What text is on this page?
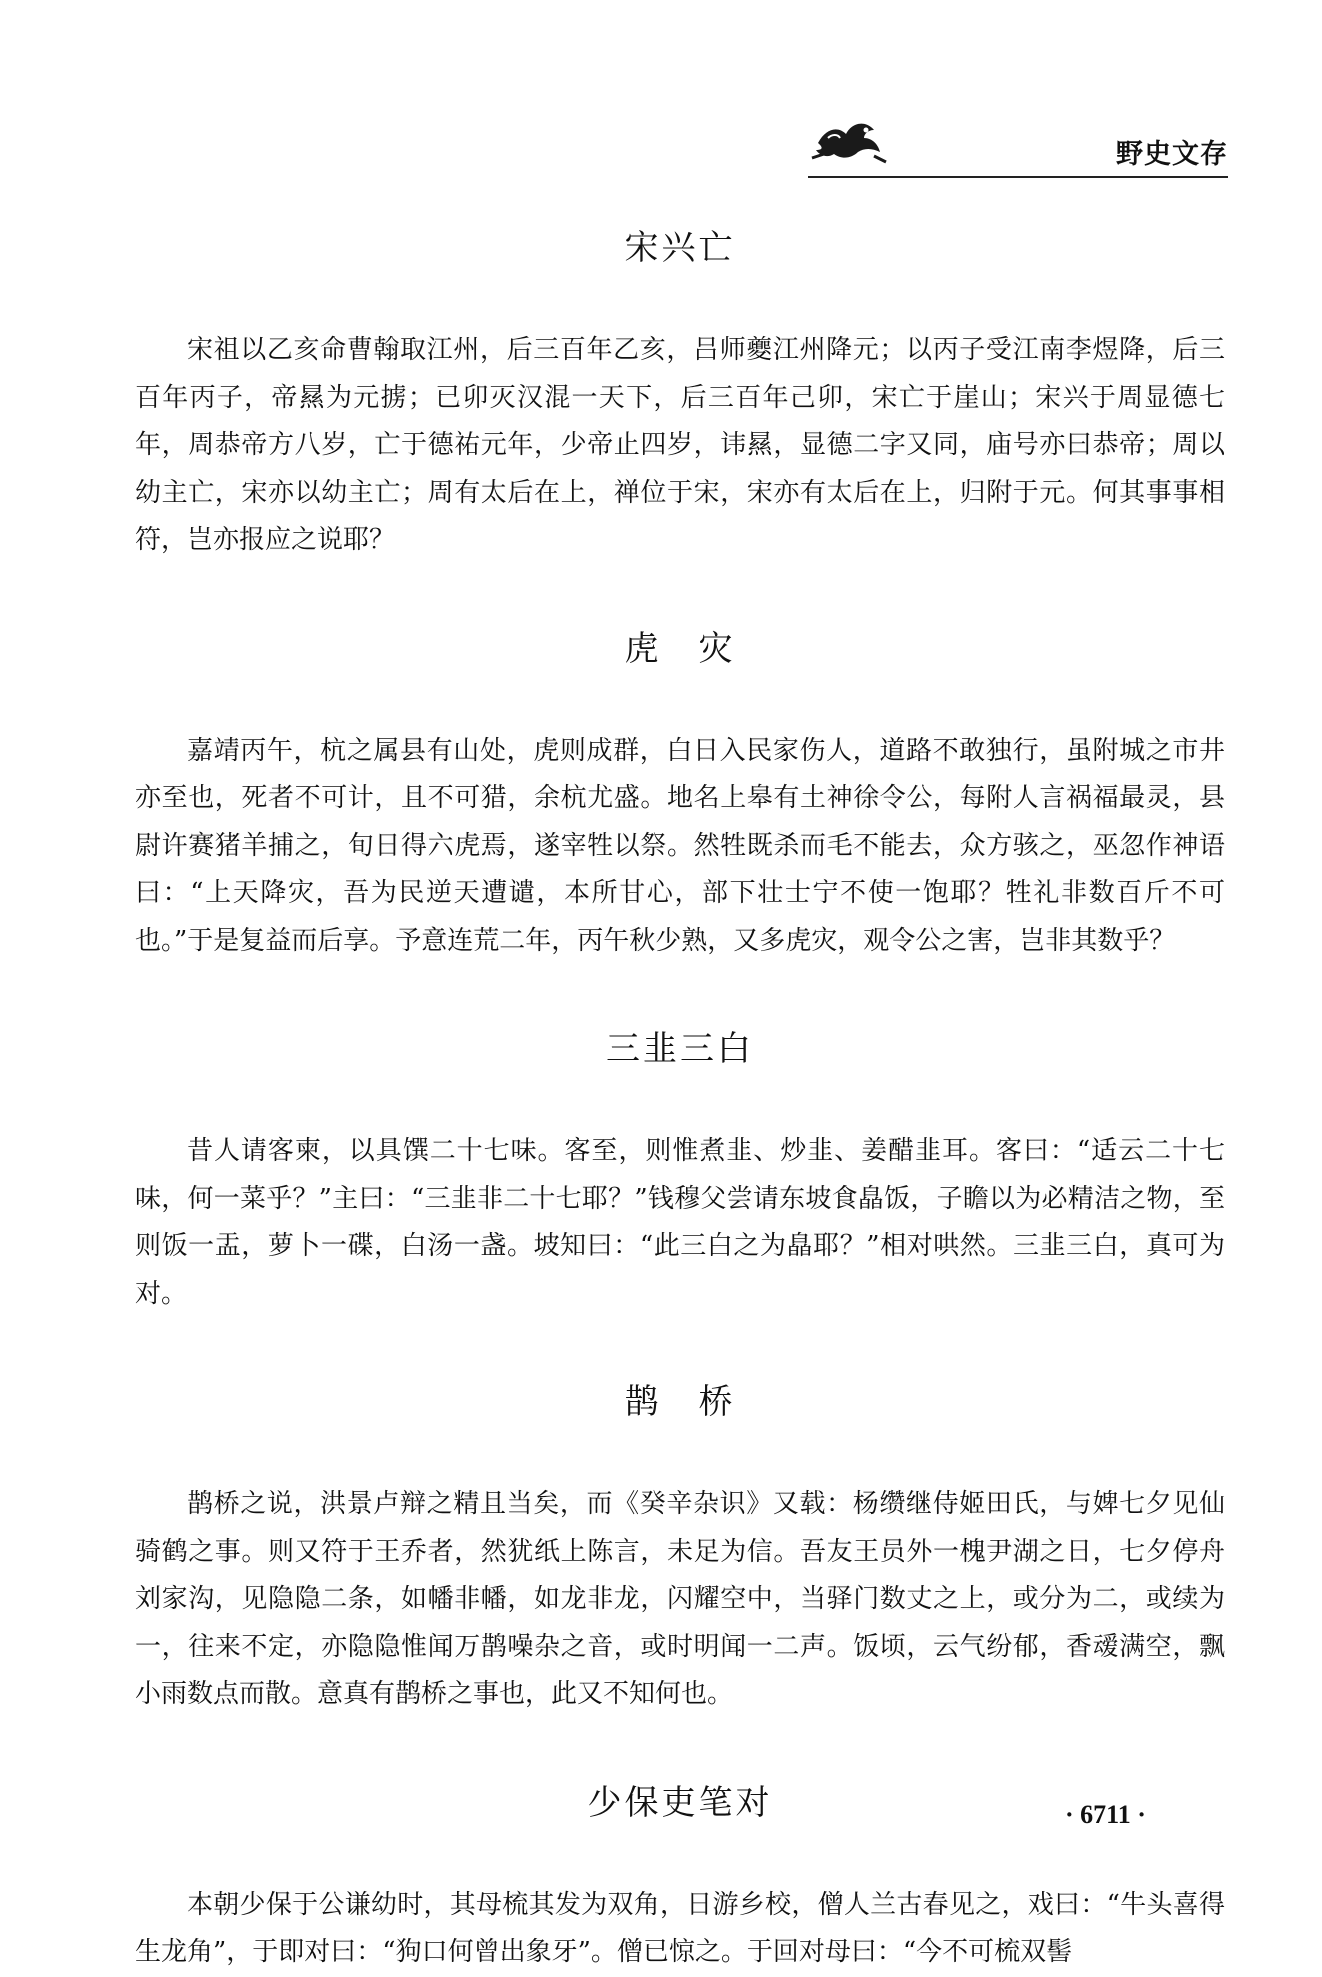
野史文存
宋兴亡

宋祖以乙亥命曹翰取江州，后三百年乙亥，吕师夔江州降元；以丙子受江南李煜降，后三百年丙子，帝㬎为元掳；已卯灭汉混一天下，后三百年己卯，宋亡于崖山；宋兴于周显德七年，周恭帝方八岁，亡于德祐元年，少帝止四岁，讳㬎，显德二字又同，庙号亦曰恭帝；周以幼主亡，宋亦以幼主亡；周有太后在上，禅位于宋，宋亦有太后在上，归附于元。何其事事相符，岂亦报应之说耶？

虎　灾

嘉靖丙午，杭之属县有山处，虎则成群，白日入民家伤人，道路不敢独行，虽附城之市井亦至也，死者不可计，且不可猎，余杭尤盛。地名上皋有土神徐令公，每附人言祸福最灵，县尉许赛猪羊捕之，旬日得六虎焉，遂宰牲以祭。然牲既杀而毛不能去，众方骇之，巫忽作神语曰：“上天降灾，吾为民逆天遭谴，本所甘心，部下壮士宁不使一饱耶？牲礼非数百斤不可也。”于是复益而后享。予意连荒二年，丙午秋少熟，又多虎灾，观令公之害，岂非其数乎？

三韭三白

昔人请客柬，以具馔二十七味。客至，则惟煮韭、炒韭、姜醋韭耳。客曰：“适云二十七味，何一菜乎？”主曰：“三韭非二十七耶？”钱穆父尝请东坡食皛饭，子瞻以为必精洁之物，至则饭一盂，萝卜一碟，白汤一盏。坡知曰：“此三白之为皛耶？”相对哄然。三韭三白，真可为对。

鹊　桥

鹊桥之说，洪景卢辩之精且当矣，而《癸辛杂识》又载：杨缵继侍姬田氏，与婢七夕见仙骑鹤之事。则又符于王乔者，然犹纸上陈言，未足为信。吾友王员外一槐尹湖之日，七夕停舟刘家沟，见隐隐二条，如幡非幡，如龙非龙，闪耀空中，当驿门数丈之上，或分为二，或续为一，往来不定，亦隐隐惟闻万鹊噪杂之音，或时明闻一二声。饭顷，云气纷郁，香叆满空，飘小雨数点而散。意真有鹊桥之事也，此又不知何也。

少保吏笔对

本朝少保于公谦幼时，其母梳其发为双角，日游乡校，僧人兰古春见之，戏曰：“牛头喜得生龙角”，于即对曰：“狗口何曾出象牙”。僧已惊之。于回对母曰：“今不可梳双髻

· 6711 ·
